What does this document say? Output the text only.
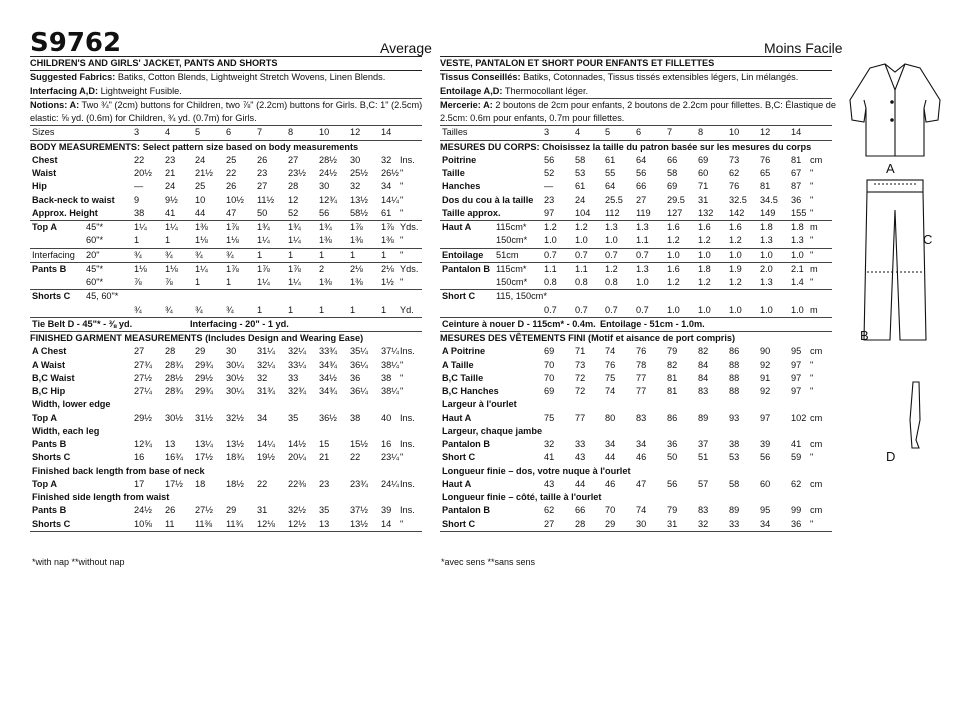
S9762	Average	Moins Facile
CHILDREN'S AND GIRLS' JACKET, PANTS AND SHORTS
Suggested Fabrics: Batiks, Cotton Blends, Lightweight Stretch Wovens, Linen Blends.
Interfacing A,D: Lightweight Fusible.
Notions: A: Two ¾" (2cm) buttons for Children, two ⅞" (2.2cm) buttons for Girls. B,C: 1" (2.5cm)
elastic: ⅝ yd. (0.6m) for Children, ¾ yd. (0.7m) for Girls.
Sizes	3	4	5	6	7	8	10 12 14
BODY MEASUREMENTS: Select pattern size based on body measurements
Chest	22 23 24 25 26 27 28½ 30 32 Ins.
Waist	20½ 21 21½ 22 23 23½ 24½ 25½ 26½ "
Hip	— 24 25 26 27 28 30 32 34 "
Back-neck to waist 9	9½ 10 10½ 11½ 12 12¾ 13½ 14¼ "
Approx. Height	38 41 44 47 50 52 56 58½ 61 "
Top A	45"*	1¼ 1¼ 1⅜ 1⅞ 1¾ 1¾ 1¾ 1⅞ 1⅞ Yds.
60"*	1	1	1⅛ 1⅛ 1¼ 1¼ 1⅜ 1⅜ 1⅜ "
Interfacing 20"	¾	¾ ¾	¾	1	1	1	1	1 "
Pants B 45"*	1⅛ 1⅛ 1¼ 1⅞ 1⅞ 1⅞ 2	2⅛ 2⅛ Yds.
60"*	⅞	⅞ 1	1	1¼ 1¼ 1⅜ 1⅜ 1½ "
Shorts C 45, 60"*
¾	¾ ¾	¾	1	1	1	1	1 Yd.
Tie Belt D - 45"* - ⅜ yd.	Interfacing - 20" - 1 yd.
FINISHED GARMENT MEASUREMENTS (Includes Design and Wearing Ease)
A Chest	27 28 29 30 31¼ 32¼ 33¾ 35¼ 37¼ Ins.
A Waist	27¾ 28¾ 29¾ 30¼ 32¼ 33¼ 34¾ 36¼ 38¼ "
B,C Waist	27½ 28½ 29½ 30½ 32 33 34½ 36 38 "
B,C Hip	27¼ 28¾ 29¾ 30¼ 31¾ 32¾ 34¾ 36¼ 38¼ "
Width, lower edge
Top A	29½ 30½ 31½ 32½ 34 35 36½ 38 40 Ins.
Width, each leg
Pants B	12¾ 13 13¼ 13½ 14¼ 14½ 15 15½ 16 Ins.
Shorts C	16 16¾ 17½ 18¾ 19½ 20¼ 21 22 23¼ "
Finished back length from base of neck
Top A	17 17½ 18 18½ 22 22⅜ 23 23¾ 24¼ Ins.
Finished side length from waist
Pants B	24½ 26 27½ 29 31 32½ 35 37½ 39 Ins.
Shorts C	10⅝ 11 11⅜ 11¾ 12⅛ 12½ 13 13½ 14 "
VESTE, PANTALON ET SHORT POUR ENFANTS ET FILLETTES
Tissus Conseillés: Batiks, Cotonnades, Tissus tissés extensibles légers, Lin mélangés.
Entoilage A,D: Thermocollant léger.
Mercerie: A: 2 boutons de 2cm pour enfants, 2 boutons de 2.2cm pour fillettes. B,C: Élastique de
2.5cm: 0.6m pour enfants, 0.7m pour fillettes.
Tailles	3	4	5	6	7	8	10 12 14
MESURES DU CORPS: Choisissez la taille du patron basée sur les mesures du corps
Poitrine	56 58 61 64 66 69 73 76 81 cm
Taille	52 53 55 56 58 60 62 65 67 "
Hanches	— 61 64 66 69 71 76 81 87 "
Dos du cou à la taille 23 24 25.5 27 29.5 31 32.5 34.5 36 "
Taille approx.	97 104 112 119 127 132 142 149 155 "
Haut A	115cm* 1.2 1.2 1.3 1.3 1.6 1.6 1.6 1.8 1.8 m
150cm* 1.0 1.0 1.0 1.1 1.2 1.2 1.2 1.3 1.3 "
Entoilage 51cm	0.7 0.7 0.7 0.7 1.0 1.0 1.0 1.0 1.0 "
Pantalon B 115cm* 1.1 1.1 1.2 1.3 1.6 1.8 1.9 2.0 2.1 m
150cm* 0.8 0.8 0.8 1.0 1.2 1.2 1.2 1.3 1.4 "
Short C 115, 150cm*
0.7 0.7 0.7 0.7 1.0 1.0 1.0 1.0 1.0 m
Ceinture à nouer D - 115cm* - 0.4m. Entoilage - 51cm - 1.0m.
MESURES DES VÊTEMENTS FINI (Motif et aisance de port compris)
A Poitrine	69 71 74 76 79 82 86 90 95 cm
A Taille	70 73 76 78 82 84 88 92 97 "
B,C Taille	70 72 75 77 81 84 88 91 97 "
B,C Hanches	69 72 74 77 81 83 88 92 97 "
Largeur à l'ourlet
Haut A	75 77 80 83 86 89 93 97 102 cm
Largeur, chaque jambe
Pantalon B	32 33 34 34 36 37 38 39 41 cm
Short C	41 43 44 46 50 51 53 56 59 "
Longueur finie – dos, votre nuque à l'ourlet
Haut A	43 44 46 47 56 57 58 60 62 cm
Longueur finie – côté, taille à l'ourlet
Pantalon B	62 66 70 74 79 83 89 95 99 cm
Short C	27 28 29 30 31 32 33 34 36 "
*with nap **without nap	*avec sens **sans sens
A
C
B
D
